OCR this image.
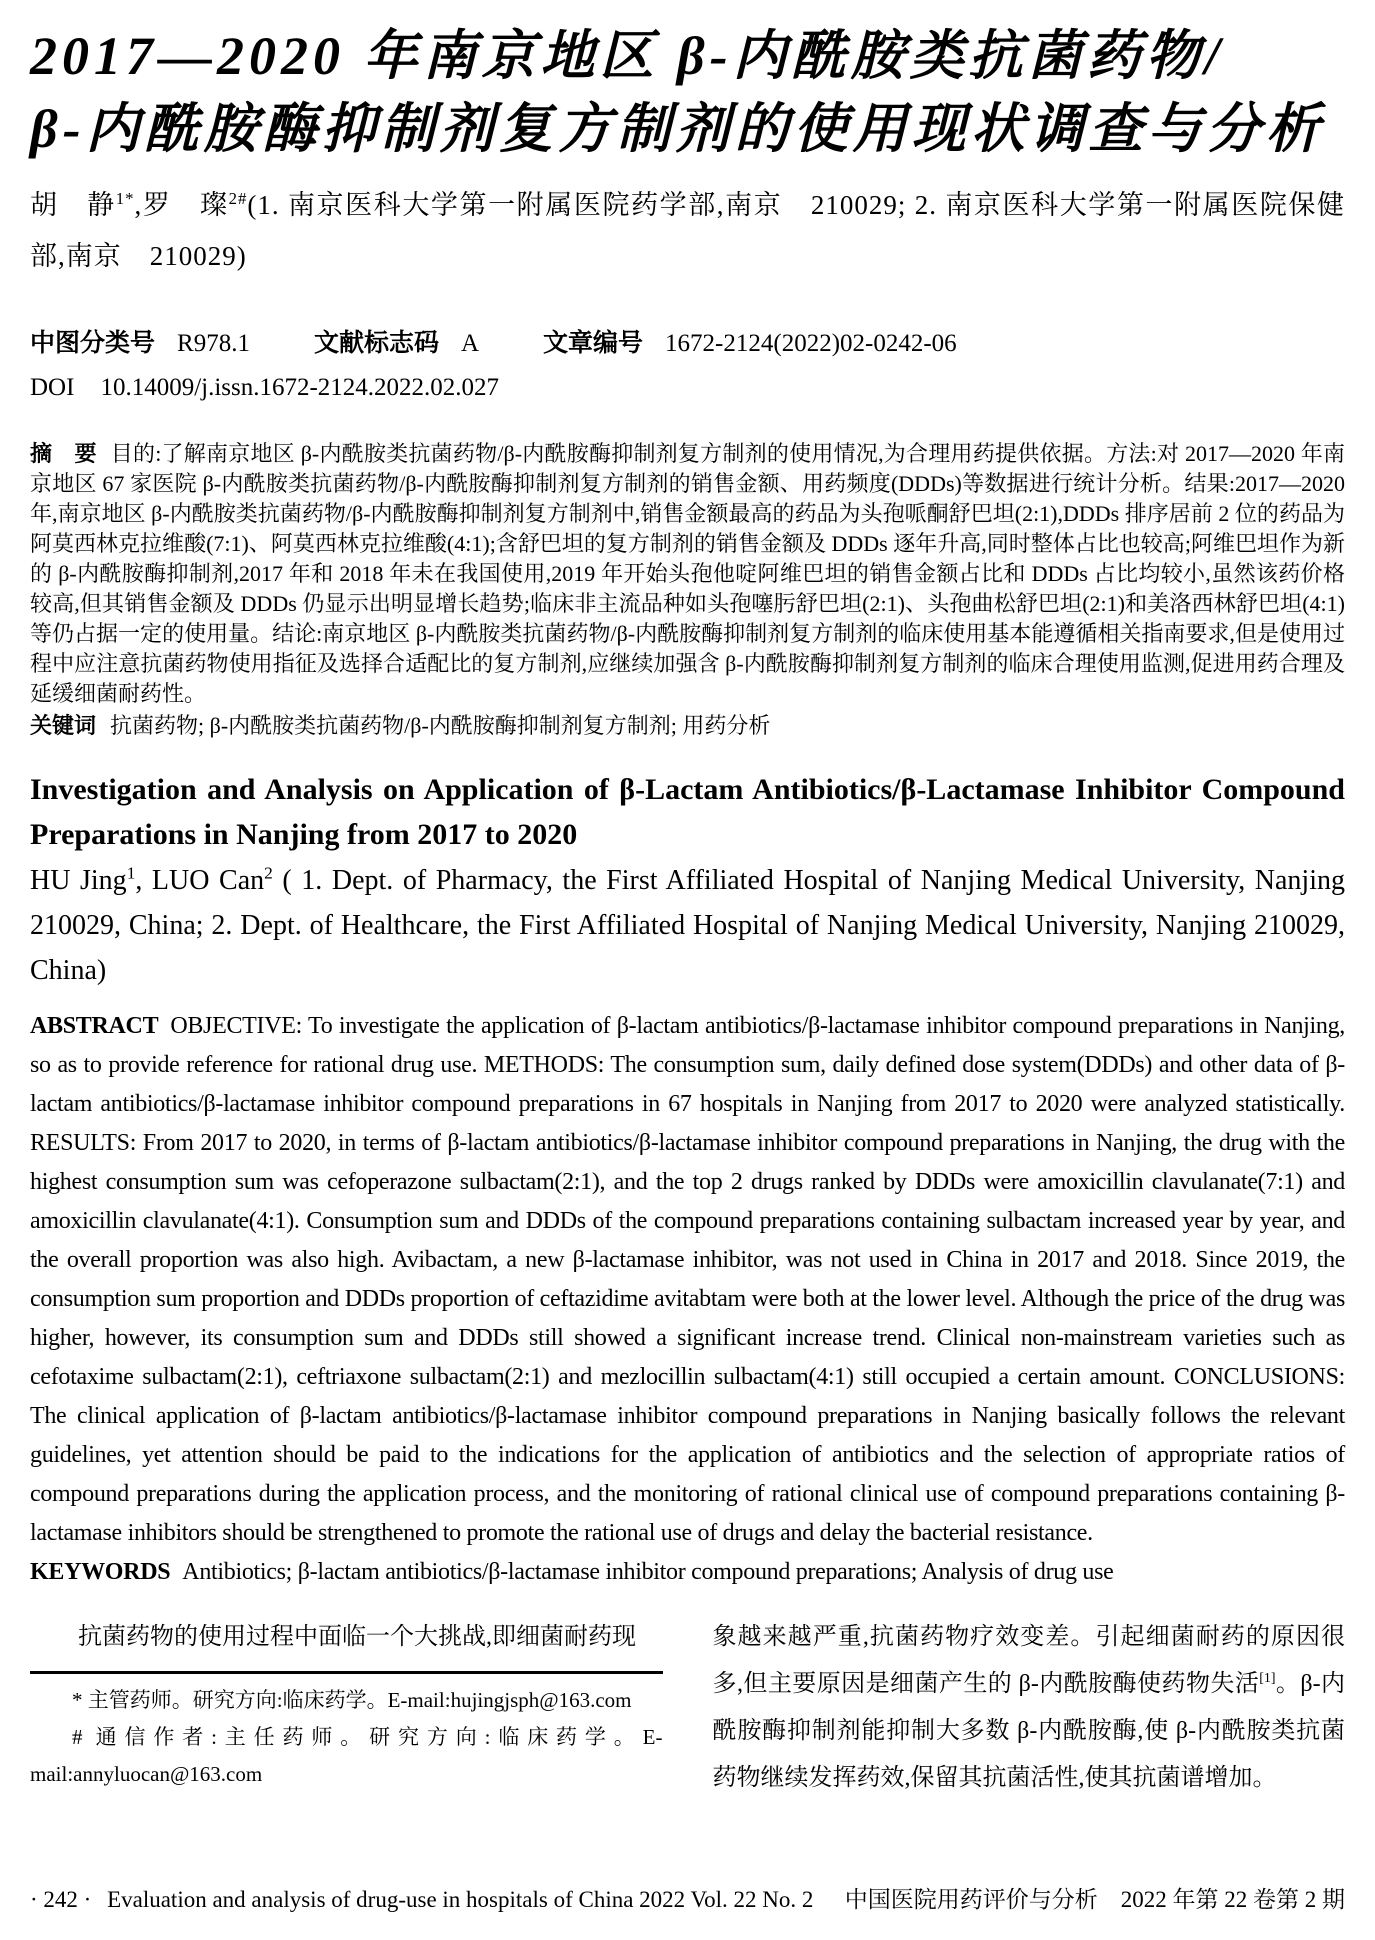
2017—2020 年南京地区 β-内酰胺类抗菌药物/
β-内酰胺酶抑制剂复方制剂的使用现状调查与分析

胡　静$^{1*}$,罗　璨$^{2\#}$(1. 南京医科大学第一附属医院药学部,南京　210029; 2. 南京医科大学第一附属医院保健部,南京　210029)

中图分类号 R978.1	文献标志码 A	文章编号 1672-2124(2022)02-0242-06
DOI 10.14009/j.issn.1672-2124.2022.02.027

摘　要 目的:了解南京地区 β-内酰胺类抗菌药物/β-内酰胺酶抑制剂复方制剂的使用情况,为合理用药提供依据。方法:对 2017—2020 年南京地区 67 家医院 β-内酰胺类抗菌药物/β-内酰胺酶抑制剂复方制剂的销售金额、用药频度(DDDs)等数据进行统计分析。结果:2017—2020 年,南京地区 β-内酰胺类抗菌药物/β-内酰胺酶抑制剂复方制剂中,销售金额最高的药品为头孢哌酮舒巴坦(2:1),DDDs 排序居前 2 位的药品为阿莫西林克拉维酸(7:1)、阿莫西林克拉维酸(4:1);含舒巴坦的复方制剂的销售金额及 DDDs 逐年升高,同时整体占比也较高;阿维巴坦作为新的 β-内酰胺酶抑制剂,2017 年和 2018 年未在我国使用,2019 年开始头孢他啶阿维巴坦的销售金额占比和 DDDs 占比均较小,虽然该药价格较高,但其销售金额及 DDDs 仍显示出明显增长趋势;临床非主流品种如头孢噻肟舒巴坦(2:1)、头孢曲松舒巴坦(2:1)和美洛西林舒巴坦(4:1)等仍占据一定的使用量。结论:南京地区 β-内酰胺类抗菌药物/β-内酰胺酶抑制剂复方制剂的临床使用基本能遵循相关指南要求,但是使用过程中应注意抗菌药物使用指征及选择合适配比的复方制剂,应继续加强含 β-内酰胺酶抑制剂复方制剂的临床合理使用监测,促进用药合理及延缓细菌耐药性。

关键词 抗菌药物; β-内酰胺类抗菌药物/β-内酰胺酶抑制剂复方制剂; 用药分析

Investigation and Analysis on Application of β-Lactam Antibiotics/β-Lactamase Inhibitor Compound Preparations in Nanjing from 2017 to 2020

HU Jing$^1$, LUO Can$^2$ ( 1. Dept. of Pharmacy, the First Affiliated Hospital of Nanjing Medical University, Nanjing 210029, China; 2. Dept. of Healthcare, the First Affiliated Hospital of Nanjing Medical University, Nanjing 210029, China)

ABSTRACT OBJECTIVE: To investigate the application of β-lactam antibiotics/β-lactamase inhibitor compound preparations in Nanjing, so as to provide reference for rational drug use. METHODS: The consumption sum, daily defined dose system(DDDs) and other data of β-lactam antibiotics/β-lactamase inhibitor compound preparations in 67 hospitals in Nanjing from 2017 to 2020 were analyzed statistically. RESULTS: From 2017 to 2020, in terms of β-lactam antibiotics/β-lactamase inhibitor compound preparations in Nanjing, the drug with the highest consumption sum was cefoperazone sulbactam(2:1), and the top 2 drugs ranked by DDDs were amoxicillin clavulanate(7:1) and amoxicillin clavulanate(4:1). Consumption sum and DDDs of the compound preparations containing sulbactam increased year by year, and the overall proportion was also high. Avibactam, a new β-lactamase inhibitor, was not used in China in 2017 and 2018. Since 2019, the consumption sum proportion and DDDs proportion of ceftazidime avitabtam were both at the lower level. Although the price of the drug was higher, however, its consumption sum and DDDs still showed a significant increase trend. Clinical non-mainstream varieties such as cefotaxime sulbactam(2:1), ceftriaxone sulbactam(2:1) and mezlocillin sulbactam(4:1) still occupied a certain amount. CONCLUSIONS: The clinical application of β-lactam antibiotics/β-lactamase inhibitor compound preparations in Nanjing basically follows the relevant guidelines, yet attention should be paid to the indications for the application of antibiotics and the selection of appropriate ratios of compound preparations during the application process, and the monitoring of rational clinical use of compound preparations containing β-lactamase inhibitors should be strengthened to promote the rational use of drugs and delay the bacterial resistance.

KEYWORDS Antibiotics; β-lactam antibiotics/β-lactamase inhibitor compound preparations; Analysis of drug use

抗菌药物的使用过程中面临一个大挑战,即细菌耐药现

* 主管药师。研究方向:临床药学。E-mail:hujingjsph@163.com

# 通信作者:主任药师。研究方向:临床药学。E-mail:annyluocan@163.com

象越来越严重,抗菌药物疗效变差。引起细菌耐药的原因很多,但主要原因是细菌产生的 β-内酰胺酶使药物失活[1]。β-内酰胺酶抑制剂能抑制大多数 β-内酰胺酶,使 β-内酰胺类抗菌药物继续发挥药效,保留其抗菌活性,使其抗菌谱增加。

· 242 · Evaluation and analysis of drug-use in hospitals of China 2022 Vol. 22 No. 2	中国医院用药评价与分析　2022 年第 22 卷第 2 期
